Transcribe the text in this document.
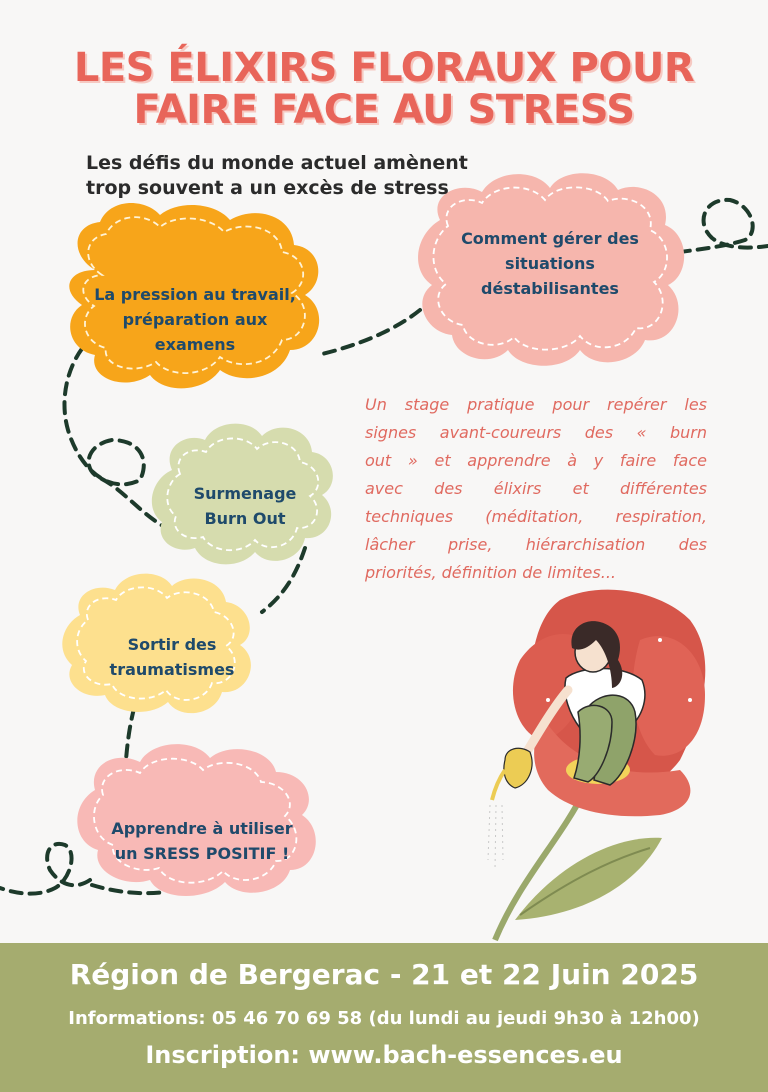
LES ÉLIXIRS FLORAUX POUR
FAIRE FACE AU STRESS
Les défis du monde actuel amènent
trop souvent a un excès de stress
La pression au travail,
préparation aux
examens
Comment gérer des
situations
déstabilisantes
Surmenage
Burn Out
Sortir des
traumatismes
Apprendre à utiliser
un SRESS POSITIF !
Un stage pratique pour repérer les
signes avant-coureurs des « burn
out » et apprendre à y faire face
avec des élixirs et différentes
techniques (méditation, respiration,
lâcher prise, hiérarchisation des
priorités, définition de limites...
Région de Bergerac - 21 et 22 Juin 2025
Informations: 05 46 70 69 58 (du lundi au jeudi 9h30 à 12h00)
Inscription: www.bach-essences.eu
